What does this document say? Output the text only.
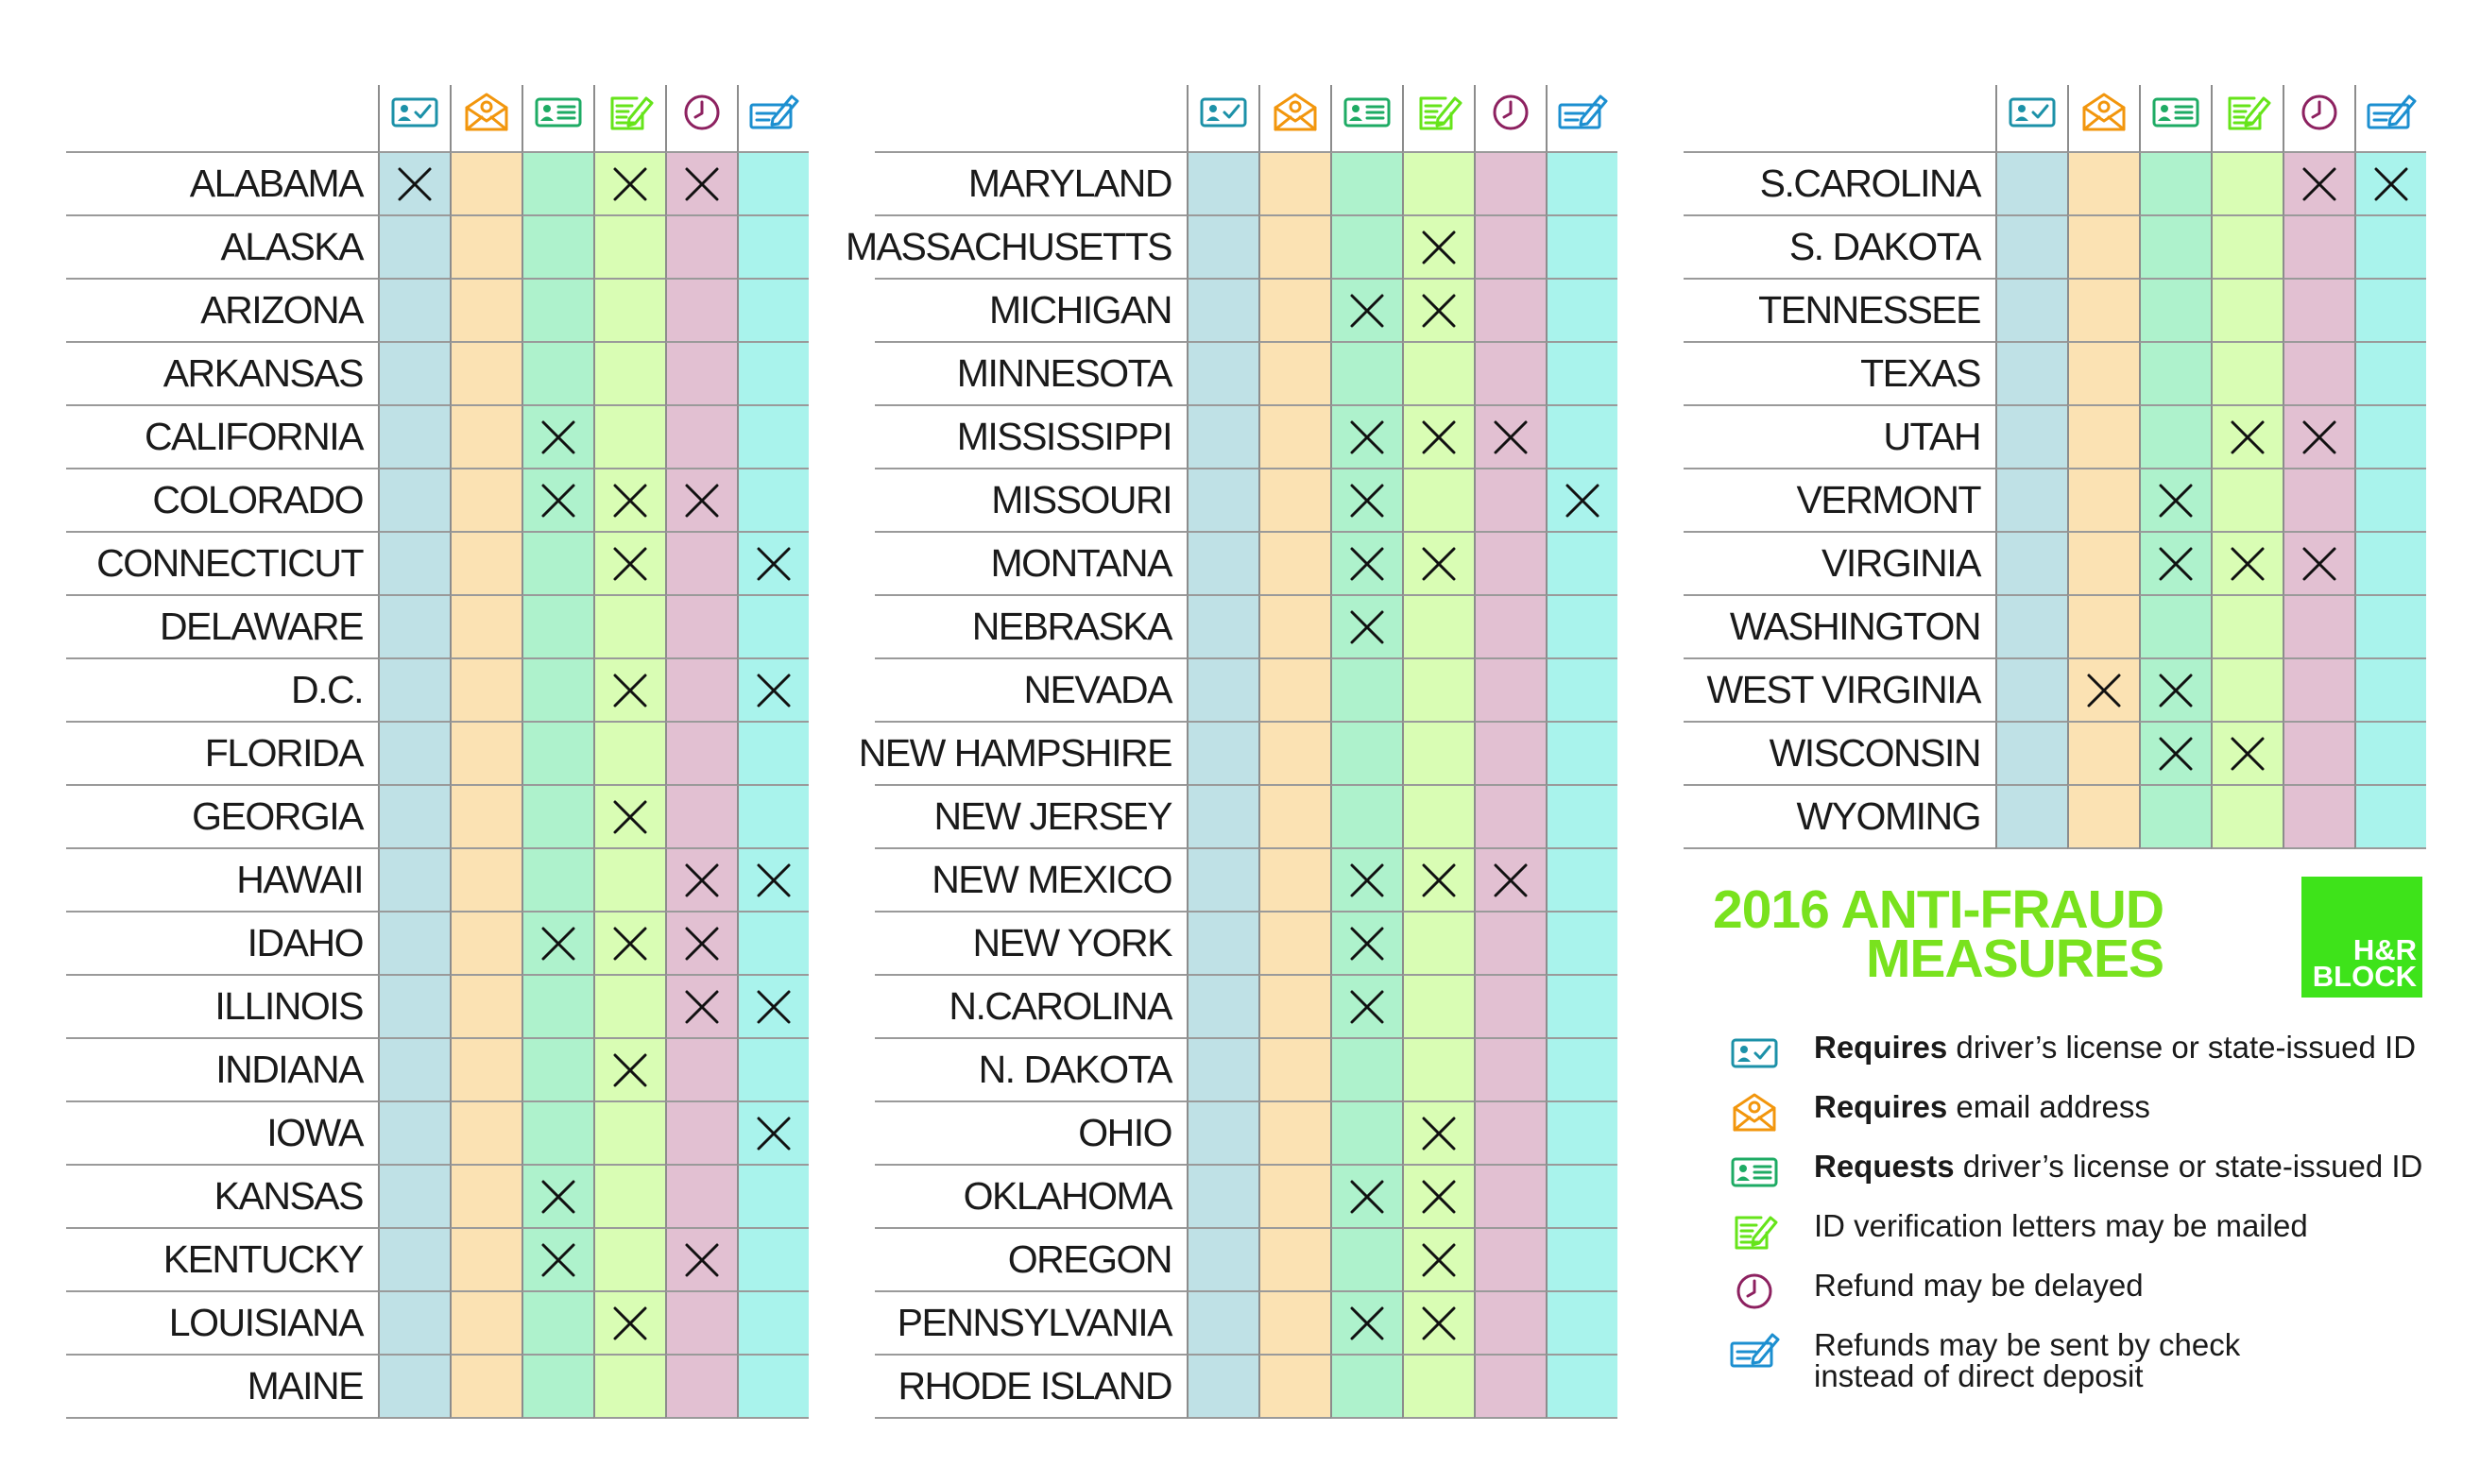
ALABAMA
ALASKA
ARIZONA
ARKANSAS
CALIFORNIA
COLORADO
CONNECTICUT
DELAWARE
D.C.
FLORIDA
GEORGIA
HAWAII
IDAHO
ILLINOIS
INDIANA
IOWA
KANSAS
KENTUCKY
LOUISIANA
MAINE
MARYLAND
MASSACHUSETTS
MICHIGAN
MINNESOTA
MISSISSIPPI
MISSOURI
MONTANA
NEBRASKA
NEVADA
NEW HAMPSHIRE
NEW JERSEY
NEW MEXICO
NEW YORK
N.CAROLINA
N. DAKOTA
OHIO
OKLAHOMA
OREGON
PENNSYLVANIA
RHODE ISLAND
S.CAROLINA
S. DAKOTA
TENNESSEE
TEXAS
UTAH
VERMONT
VIRGINIA
WASHINGTON
WEST VIRGINIA
WISCONSIN
WYOMING
2016 ANTI-FRAUD
MEASURES	H&R
BLOCK
Requires driver’s license or state-issued ID
Requires email address
Requests driver’s license or state-issued ID
ID verification letters may be mailed
Refund may be delayed
Refunds may be sent by check instead of direct deposit
